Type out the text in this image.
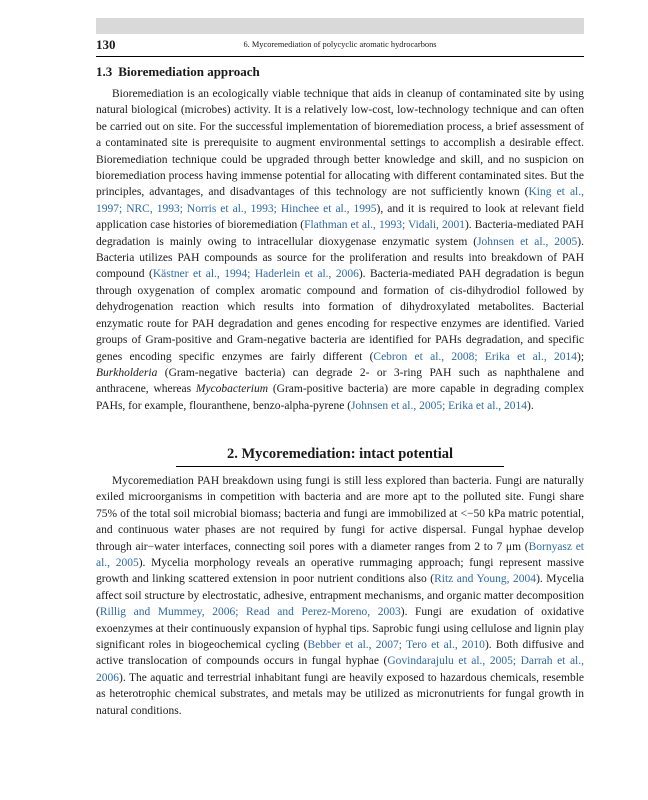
130	6. Mycoremediation of polycyclic aromatic hydrocarbons
1.3 Bioremediation approach

Bioremediation is an ecologically viable technique that aids in cleanup of contaminated site by using natural biological (microbes) activity. It is a relatively low-cost, low-technology technique and can often be carried out on site. For the successful implementation of bioremediation process, a brief assessment of a contaminated site is prerequisite to augment environmental settings to accomplish a desirable effect. Bioremediation technique could be upgraded through better knowledge and skill, and no suspicion on bioremediation process having immense potential for allocating with different contaminated sites. But the principles, advantages, and disadvantages of this technology are not sufficiently known (King et al., 1997; NRC, 1993; Norris et al., 1993; Hinchee et al., 1995), and it is required to look at relevant field application case histories of bioremediation (Flathman et al., 1993; Vidali, 2001). Bacteria-mediated PAH degradation is mainly owing to intracellular dioxygenase enzymatic system (Johnsen et al., 2005). Bacteria utilizes PAH compounds as source for the proliferation and results into breakdown of PAH compound (Kästner et al., 1994; Haderlein et al., 2006). Bacteria-mediated PAH degradation is begun through oxygenation of complex aromatic compound and formation of cis-dihydrodiol followed by dehydrogenation reaction which results into formation of dihydroxylated metabolites. Bacterial enzymatic route for PAH degradation and genes encoding for respective enzymes are identified. Varied groups of Gram-positive and Gram-negative bacteria are identified for PAHs degradation, and specific genes encoding specific enzymes are fairly different (Cebron et al., 2008; Erika et al., 2014); Burkholderia (Gram-negative bacteria) can degrade 2- or 3-ring PAH such as naphthalene and anthracene, whereas Mycobacterium (Gram-positive bacteria) are more capable in degrading complex PAHs, for example, flouranthene, benzo-alpha-pyrene (Johnsen et al., 2005; Erika et al., 2014).

2. Mycoremediation: intact potential

Mycoremediation PAH breakdown using fungi is still less explored than bacteria. Fungi are naturally exiled microorganisms in competition with bacteria and are more apt to the polluted site. Fungi share 75% of the total soil microbial biomass; bacteria and fungi are immobilized at <−50 kPa matric potential, and continuous water phases are not required by fungi for active dispersal. Fungal hyphae develop through air−water interfaces, connecting soil pores with a diameter ranges from 2 to 7 μm (Bornyasz et al., 2005). Mycelia morphology reveals an operative rummaging approach; fungi represent massive growth and linking scattered extension in poor nutrient conditions also (Ritz and Young, 2004). Mycelia affect soil structure by electrostatic, adhesive, entrapment mechanisms, and organic matter decomposition (Rillig and Mummey, 2006; Read and Perez-Moreno, 2003). Fungi are exudation of oxidative exoenzymes at their continuously expansion of hyphal tips. Saprobic fungi using cellulose and lignin play significant roles in biogeochemical cycling (Bebber et al., 2007; Tero et al., 2010). Both diffusive and active translocation of compounds occurs in fungal hyphae (Govindarajulu et al., 2005; Darrah et al., 2006). The aquatic and terrestrial inhabitant fungi are heavily exposed to hazardous chemicals, resemble as heterotrophic chemical substrates, and metals may be utilized as micronutrients for fungal growth in natural conditions.
